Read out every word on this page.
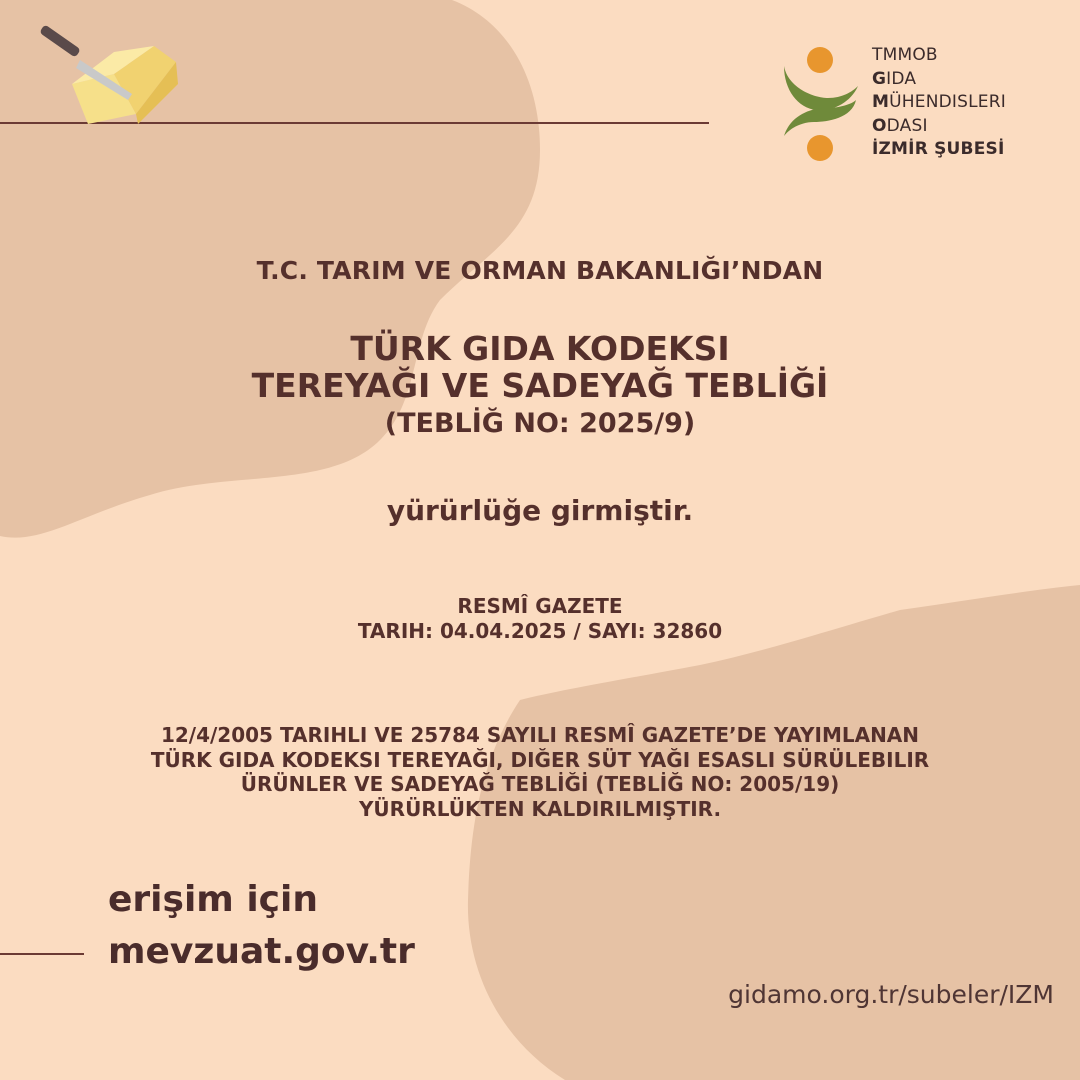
TMMOB
GIDA
MÜHENDISLERI
ODASI
İZMİR ŞUBESİ
T.C. TARIM VE ORMAN BAKANLIĞI’NDAN
TÜRK GIDA KODEKSI
TEREYAĞI VE SADEYAĞ TEBLİĞİ
(TEBLİĞ NO: 2025/9)
yürürlüğe girmiştir.
RESMÎ GAZETE
TARIH: 04.04.2025 / SAYI: 32860
12/4/2005 TARIHLI VE 25784 SAYILI RESMÎ GAZETE’DE YAYIMLANAN
TÜRK GIDA KODEKSI TEREYAĞI, DIĞER SÜT YAĞI ESASLI SÜRÜLEBILIR
ÜRÜNLER VE SADEYAĞ TEBLİĞİ (TEBLİĞ NO: 2005/19)
YÜRÜRLÜKTEN KALDIRILMIŞTIR.
erişim için
mevzuat.gov.tr
gidamo.org.tr/subeler/IZM
